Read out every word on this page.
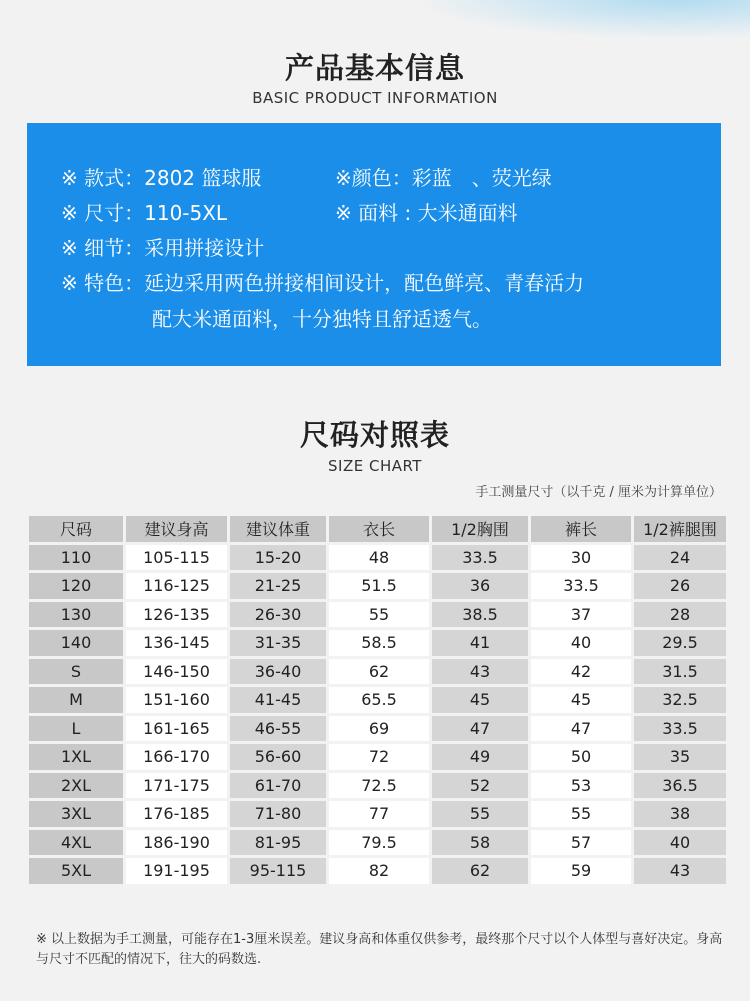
产品基本信息
BASIC PRODUCT INFORMATION
※ 款式：2802 篮球服	※颜色：彩蓝　、荧光绿
※ 尺寸：110-5XL	※ 面料 : 大米通面料
※ 细节：采用拼接设计
※ 特色：延边采用两色拼接相间设计，配色鲜亮、青春活力
配大米通面料，十分独特且舒适透气。
尺码对照表
SIZE CHART
手工测量尺寸（以千克 / 厘米为计算单位）
尺码	建议身高	建议体重	衣长	1/2胸围	裤长	1/2裤腿围
110	105-115	15-20	48	33.5	30	24
120	116-125	21-25	51.5	36	33.5	26
130	126-135	26-30	55	38.5	37	28
140	136-145	31-35	58.5	41	40	29.5
S	146-150	36-40	62	43	42	31.5
M	151-160	41-45	65.5	45	45	32.5
L	161-165	46-55	69	47	47	33.5
1XL	166-170	56-60	72	49	50	35
2XL	171-175	61-70	72.5	52	53	36.5
3XL	176-185	71-80	77	55	55	38
4XL	186-190	81-95	79.5	58	57	40
5XL	191-195	95-115	82	62	59	43
※ 以上数据为手工测量，可能存在1-3厘米误差。建议身高和体重仅供参考，最终那个尺寸以个人体型与喜好决定。身高与尺寸不匹配的情况下，往大的码数选.
